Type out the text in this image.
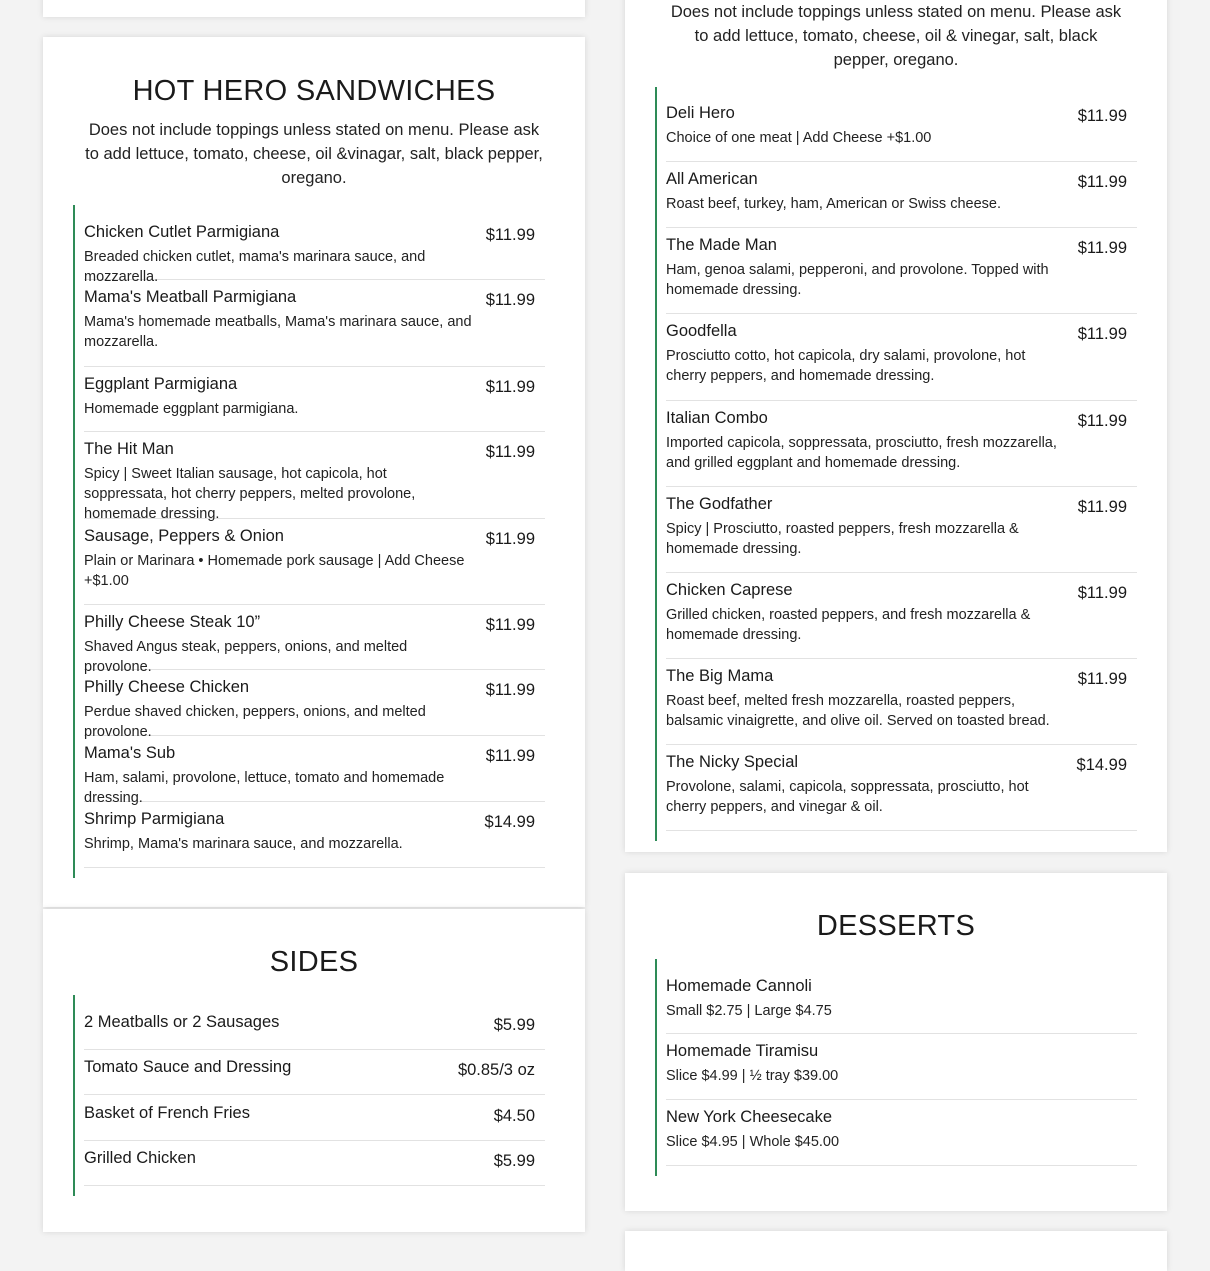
Does not include toppings unless stated on menu. Please ask to add lettuce, tomato, cheese, oil & vinegar, salt, black pepper, oregano.
Deli Hero	$11.99
Choice of one meat | Add Cheese +$1.00
All American	$11.99
Roast beef, turkey, ham, American or Swiss cheese.
The Made Man	$11.99
Ham, genoa salami, pepperoni, and provolone. Topped with homemade dressing.
Goodfella	$11.99
Prosciutto cotto, hot capicola, dry salami, provolone, hot cherry peppers, and homemade dressing.
Italian Combo	$11.99
Imported capicola, soppressata, prosciutto, fresh mozzarella, and grilled eggplant and homemade dressing.
The Godfather	$11.99
Spicy | Prosciutto, roasted peppers, fresh mozzarella & homemade dressing.
Chicken Caprese	$11.99
Grilled chicken, roasted peppers, and fresh mozzarella & homemade dressing.
The Big Mama	$11.99
Roast beef, melted fresh mozzarella, roasted peppers, balsamic vinaigrette, and olive oil. Served on toasted bread.
The Nicky Special	$14.99
Provolone, salami, capicola, soppressata, prosciutto, hot cherry peppers, and vinegar & oil.
HOT HERO SANDWICHES
Does not include toppings unless stated on menu. Please ask to add lettuce, tomato, cheese, oil &vinagar, salt, black pepper, oregano.
Chicken Cutlet Parmigiana	$11.99
Breaded chicken cutlet, mama's marinara sauce, and mozzarella.
Mama's Meatball Parmigiana	$11.99
Mama's homemade meatballs, Mama's marinara sauce, and mozzarella.
Eggplant Parmigiana	$11.99
Homemade eggplant parmigiana.
The Hit Man	$11.99
Spicy | Sweet Italian sausage, hot capicola, hot soppressata, hot cherry peppers, melted provolone, homemade dressing.
Sausage, Peppers & Onion	$11.99
Plain or Marinara • Homemade pork sausage | Add Cheese +$1.00
Philly Cheese Steak 10”	$11.99
Shaved Angus steak, peppers, onions, and melted provolone.
Philly Cheese Chicken	$11.99
Perdue shaved chicken, peppers, onions, and melted provolone.
Mama's Sub	$11.99
Ham, salami, provolone, lettuce, tomato and homemade dressing.
Shrimp Parmigiana	$14.99
Shrimp, Mama's marinara sauce, and mozzarella.
DESSERTS
Homemade Cannoli
Small $2.75 | Large $4.75
Homemade Tiramisu
Slice $4.99 | ½ tray $39.00
New York Cheesecake
Slice $4.95 | Whole $45.00
SIDES
2 Meatballs or 2 Sausages	$5.99
Tomato Sauce and Dressing	$0.85/3 oz
Basket of French Fries	$4.50
Grilled Chicken	$5.99
